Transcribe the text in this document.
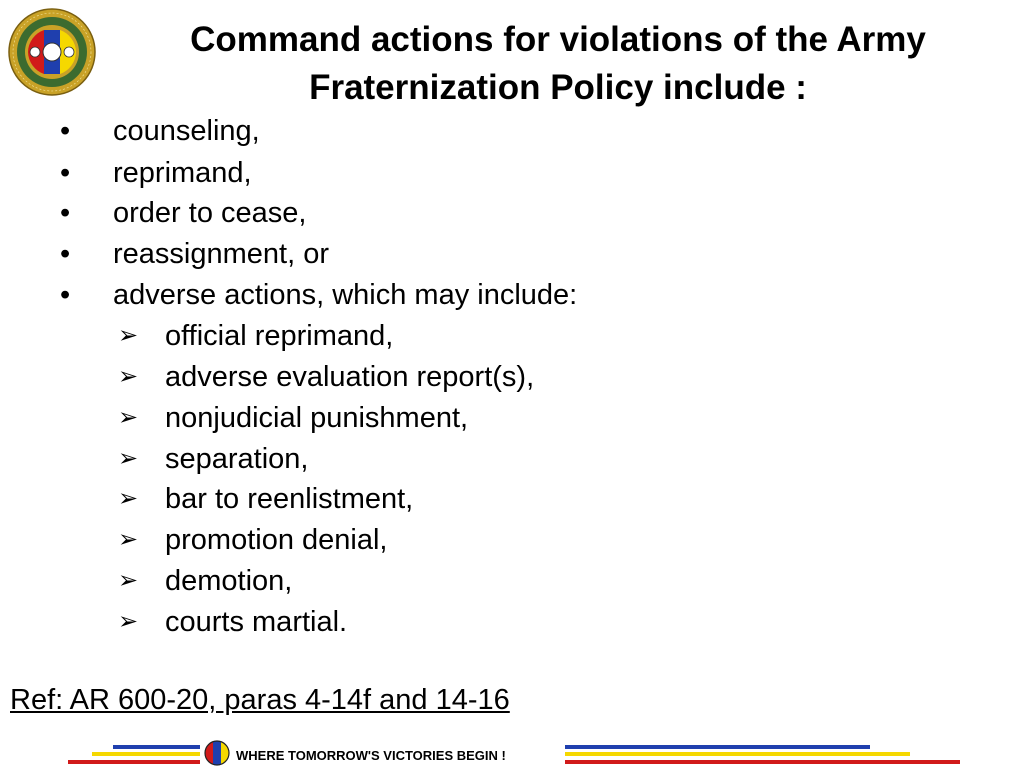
Command actions for violations of the Army
Fraternization Policy include :
• counseling,
• reprimand,
• order to cease,
• reassignment, or
• adverse actions, which may include:
➢ official reprimand,
➢ adverse evaluation report(s),
➢ nonjudicial punishment,
➢ separation,
➢ bar to reenlistment,
➢ promotion denial,
➢ demotion,
➢ courts martial.
Ref: AR 600-20, paras 4-14f and 14-16
WHERE TOMORROW'S VICTORIES BEGIN !
